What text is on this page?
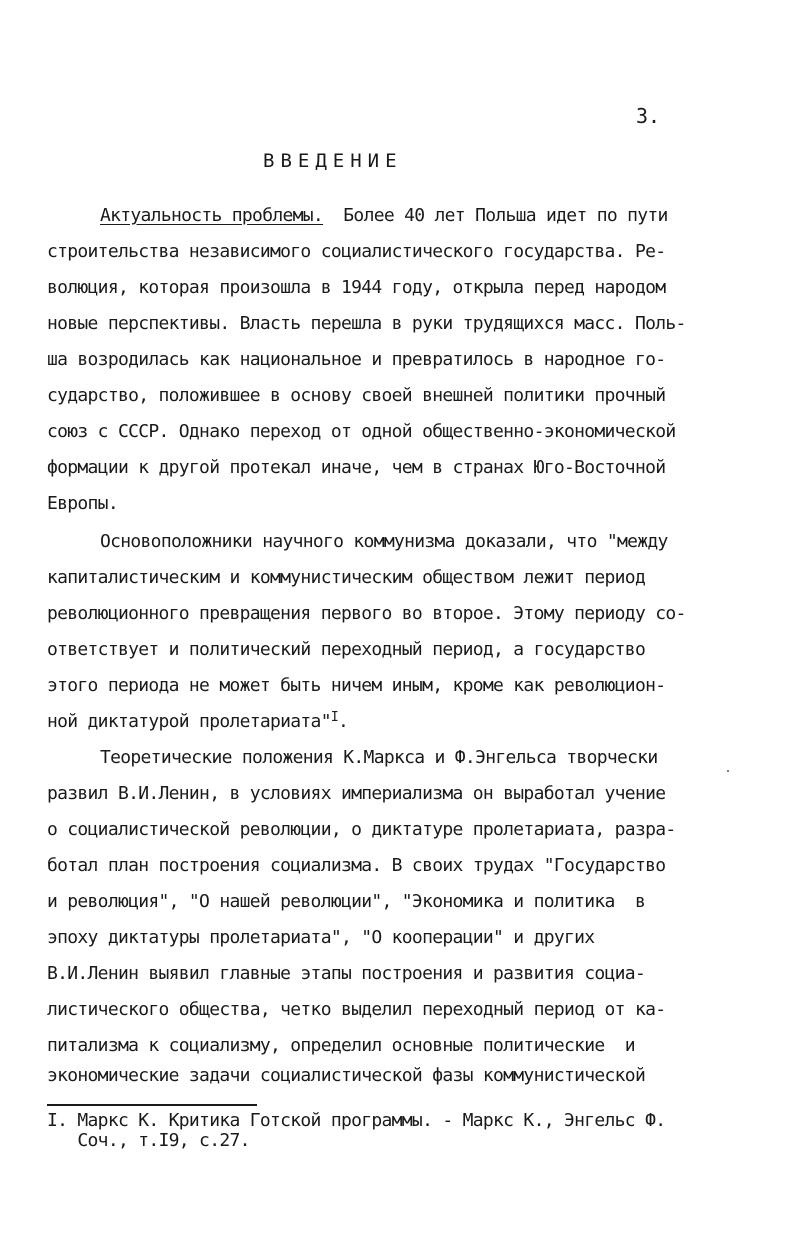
3.
ВВЕДЕНИЕ
Актуальность проблемы.  Более 40 лет Польша идет по пути
строительства независимого социалистического государства. Ре-
волюция, которая произошла в 1944 году, открыла перед народом
новые перспективы. Власть перешла в руки трудящихся масс. Поль-
ша возродилась как национальное и превратилось в народное го-
сударство, положившее в основу своей внешней политики прочный
союз с СССР. Однако переход от одной общественно-экономической
формации к другой протекал иначе, чем в странах Юго-Восточной
Европы.
Основоположники научного коммунизма доказали, что "между
капиталистическим и коммунистическим обществом лежит период
революционного превращения первого во второе. Этому периоду со-
ответствует и политический переходный период, а государство
этого периода не может быть ничем иным, кроме как революцион-
ной диктатурой пролетариата"$^I$.
Теоретические положения К.Маркса и Ф.Энгельса творчески
развил В.И.Ленин, в условиях империализма он выработал учение
о социалистической революции, о диктатуре пролетариата, разра-
ботал план построения социализма. В своих трудах "Государство
и революция", "О нашей революции", "Экономика и политика  в
эпоху диктатуры пролетариата", "О кооперации" и других
В.И.Ленин выявил главные этапы построения и развития социа-
листического общества, четко выделил переходный период от ка-
питализма к социализму, определил основные политические  и
экономические задачи социалистической фазы коммунистической
I. Маркс К. Критика Готской программы. - Маркс К., Энгельс Ф.
Соч., т.I9, с.27.
